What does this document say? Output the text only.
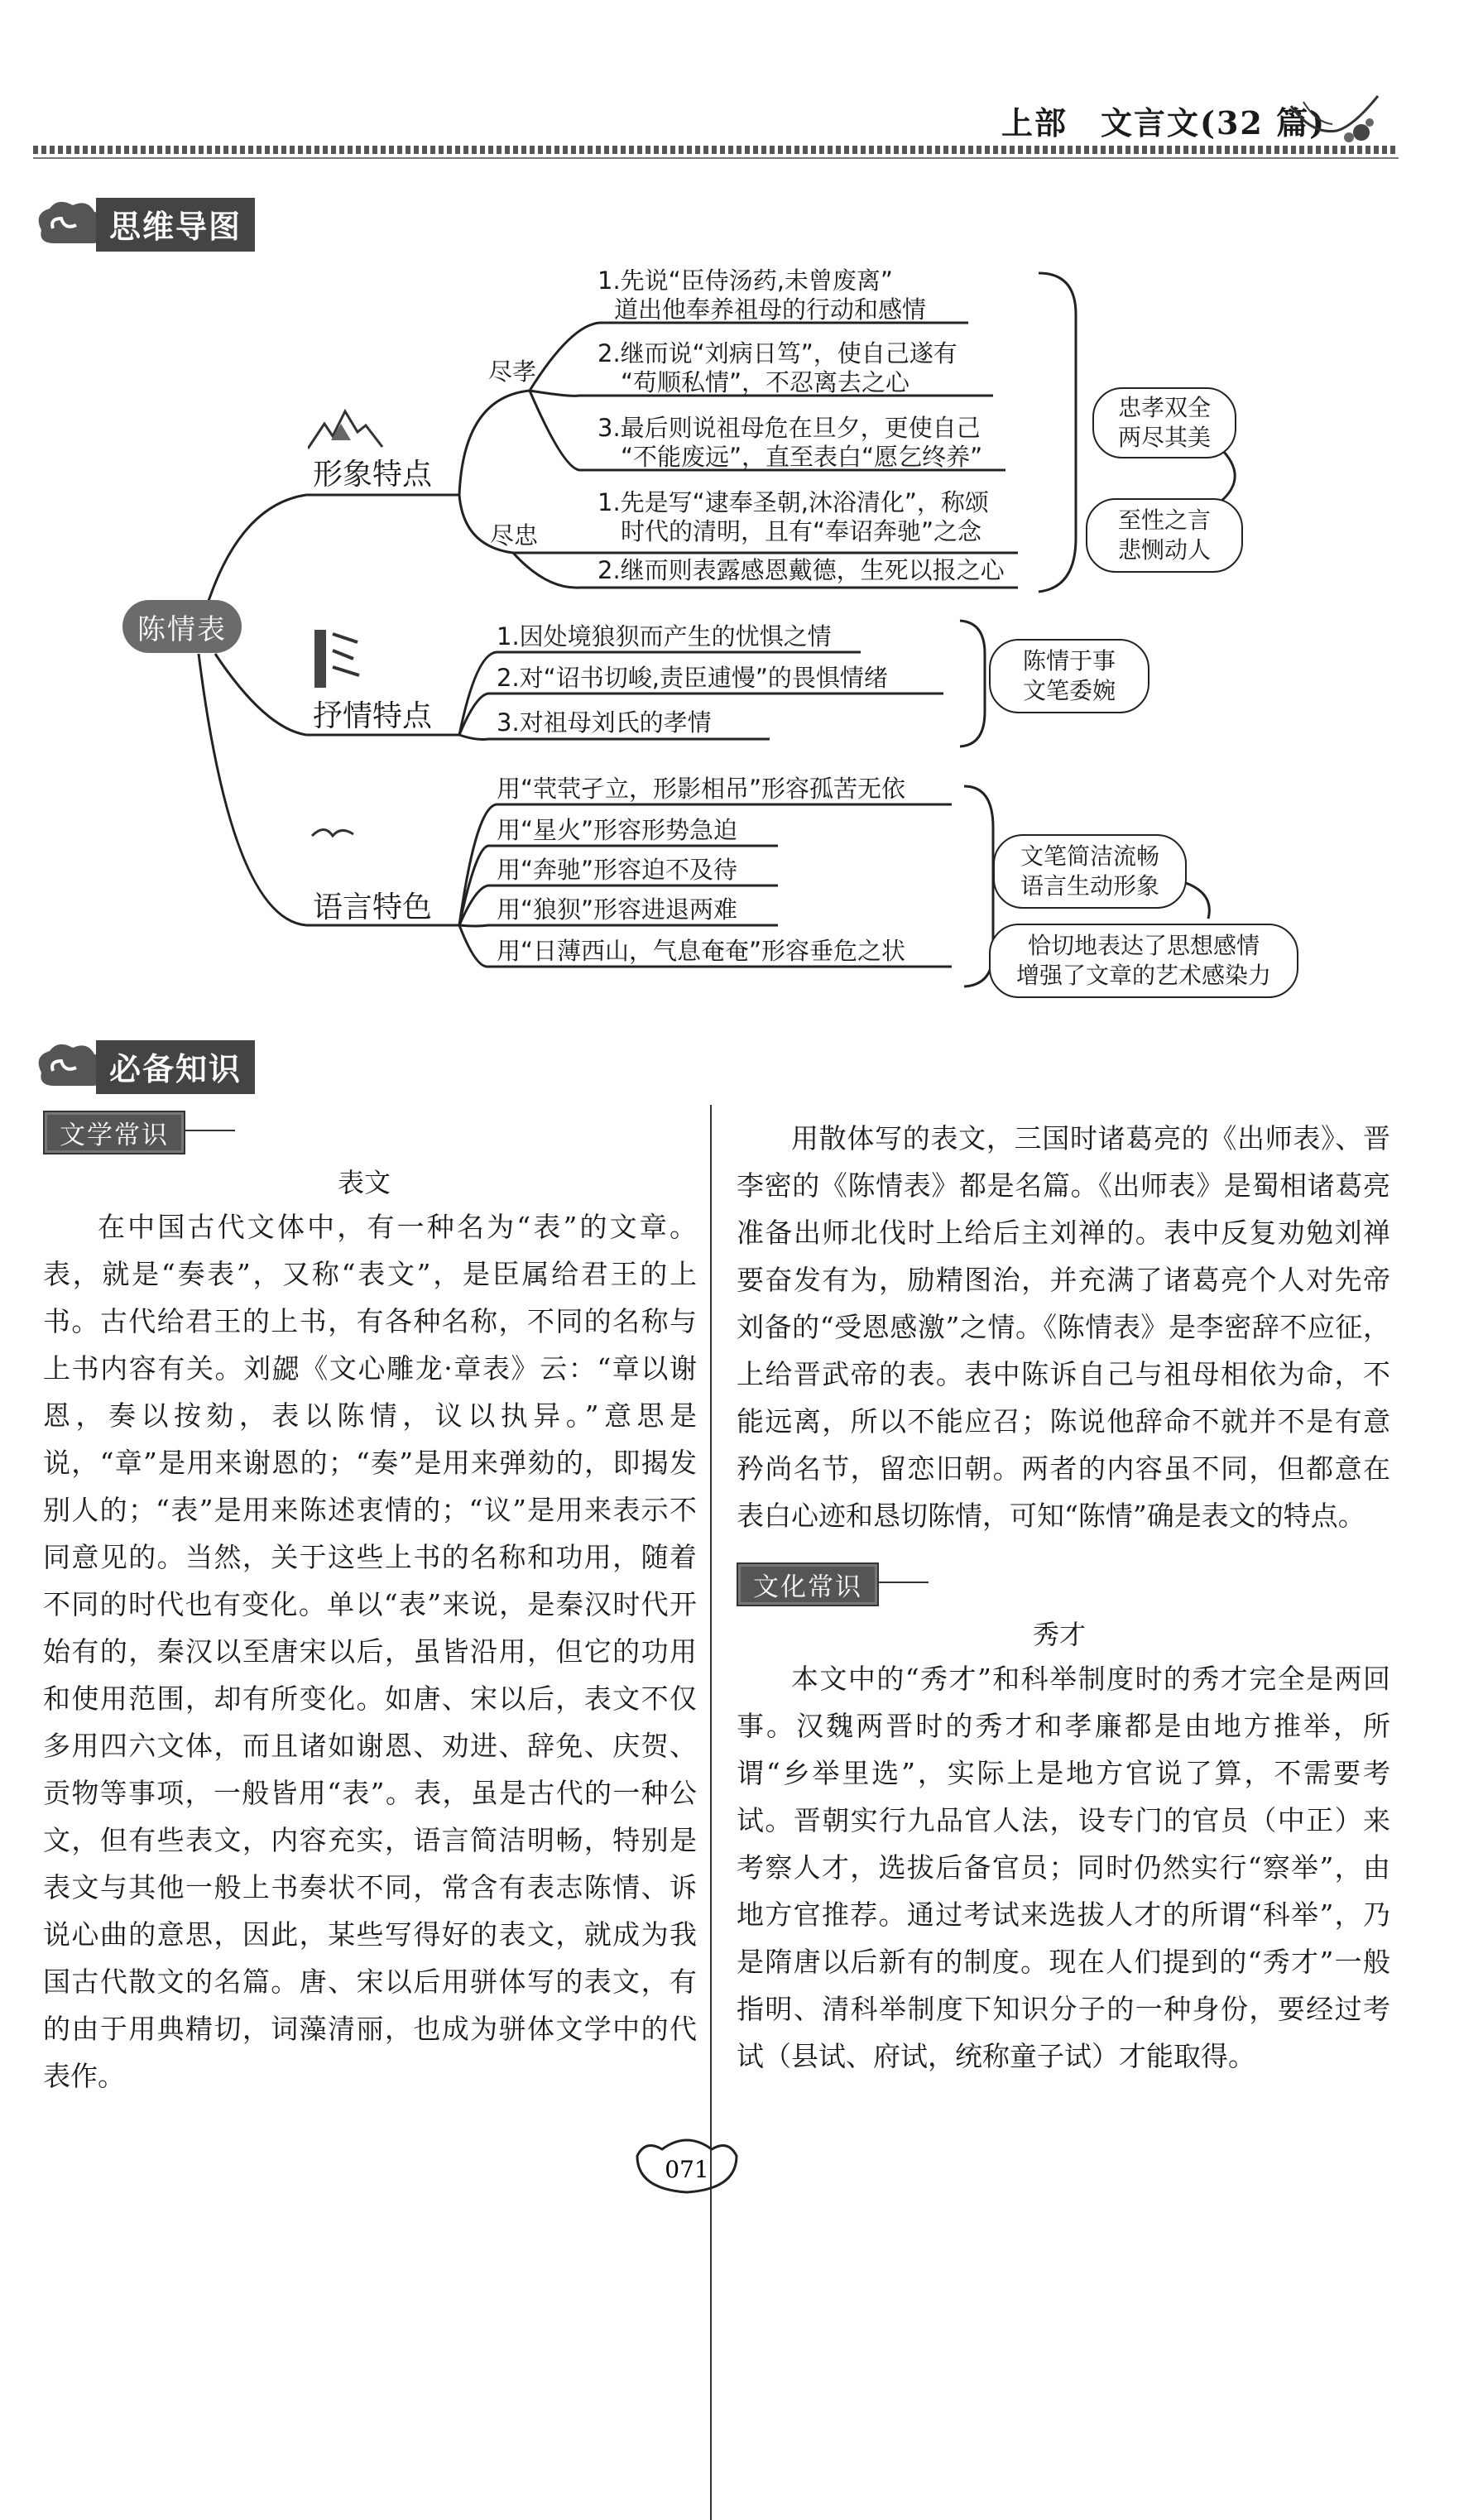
上部　文言文(32 篇)
思维导图
陈情表
形象特点
抒情特点
语言特色
尽孝
尽忠
1.先说“臣侍汤药,未曾废离”
道出他奉养祖母的行动和感情
2.继而说“刘病日笃”，使自己遂有
“苟顺私情”，不忍离去之心
3.最后则说祖母危在旦夕，更使自己
“不能废远”，直至表白“愿乞终养”
1.先是写“逮奉圣朝,沐浴清化”，称颂
时代的清明，且有“奉诏奔驰”之念
2.继而则表露感恩戴德，生死以报之心
1.因处境狼狈而产生的忧惧之情
2.对“诏书切峻,责臣逋慢”的畏惧情绪
3.对祖母刘氏的孝情
用“茕茕孑立，形影相吊”形容孤苦无依
用“星火”形容形势急迫
用“奔驰”形容迫不及待
用“狼狈”形容进退两难
用“日薄西山，气息奄奄”形容垂危之状
忠孝双全
两尽其美
至性之言
悲恻动人
陈情于事
文笔委婉
文笔简洁流畅
语言生动形象
恰切地表达了思想感情
增强了文章的艺术感染力
必备知识
文学常识
表文

在中国古代文体中，有一种名为“表”的文章。表，就是“奏表”，又称“表文”，是臣属给君王的上书。古代给君王的上书，有各种名称，不同的名称与上书内容有关。刘勰《文心雕龙·章表》云：“章以谢恩，奏以按劾，表以陈情，议以执异。”意思是说，“章”是用来谢恩的；“奏”是用来弹劾的，即揭发别人的；“表”是用来陈述衷情的；“议”是用来表示不同意见的。当然，关于这些上书的名称和功用，随着不同的时代也有变化。单以“表”来说，是秦汉时代开始有的，秦汉以至唐宋以后，虽皆沿用，但它的功用和使用范围，却有所变化。如唐、宋以后，表文不仅多用四六文体，而且诸如谢恩、劝进、辞免、庆贺、贡物等事项，一般皆用“表”。表，虽是古代的一种公文，但有些表文，内容充实，语言简洁明畅，特别是表文与其他一般上书奏状不同，常含有表志陈情、诉说心曲的意思，因此，某些写得好的表文，就成为我国古代散文的名篇。唐、宋以后用骈体写的表文，有的由于用典精切，词藻清丽，也成为骈体文学中的代表作。

用散体写的表文，三国时诸葛亮的《出师表》、晋李密的《陈情表》都是名篇。《出师表》是蜀相诸葛亮准备出师北伐时上给后主刘禅的。表中反复劝勉刘禅要奋发有为，励精图治，并充满了诸葛亮个人对先帝刘备的“受恩感激”之情。《陈情表》是李密辞不应征，上给晋武帝的表。表中陈诉自己与祖母相依为命，不能远离，所以不能应召；陈说他辞命不就并不是有意矜尚名节，留恋旧朝。两者的内容虽不同，但都意在表白心迹和恳切陈情，可知“陈情”确是表文的特点。

文化常识
秀才

本文中的“秀才”和科举制度时的秀才完全是两回事。汉魏两晋时的秀才和孝廉都是由地方推举，所谓“乡举里选”，实际上是地方官说了算，不需要考试。晋朝实行九品官人法，设专门的官员（中正）来考察人才，选拔后备官员；同时仍然实行“察举”，由地方官推荐。通过考试来选拔人才的所谓“科举”，乃是隋唐以后新有的制度。现在人们提到的“秀才”一般指明、清科举制度下知识分子的一种身份，要经过考试（县试、府试，统称童子试）才能取得。

071
